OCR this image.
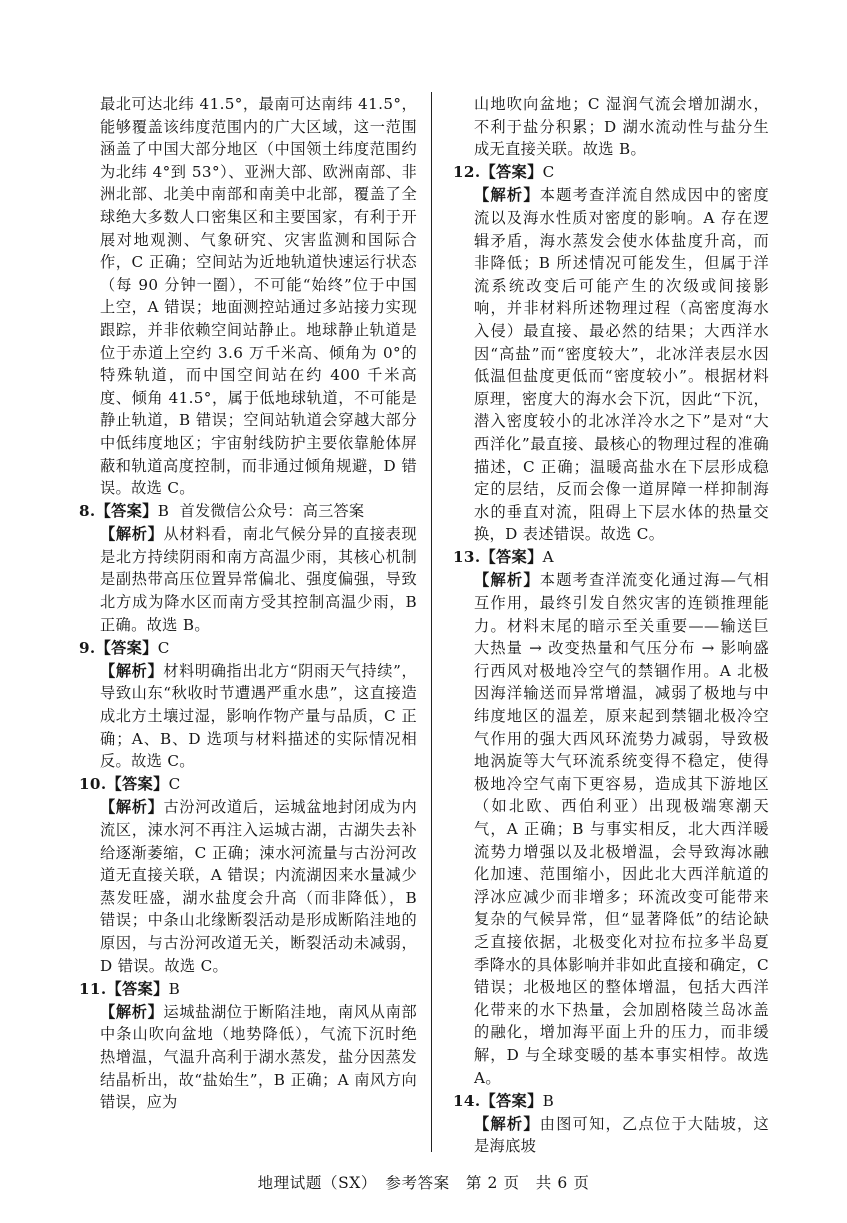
最北可达北纬 41.5°，最南可达南纬 41.5°，能够覆盖该纬度范围内的广大区域，这一范围涵盖了中国大部分地区（中国领土纬度范围约为北纬 4°到 53°）、亚洲大部、欧洲南部、非洲北部、北美中南部和南美中北部，覆盖了全球绝大多数人口密集区和主要国家，有利于开展对地观测、气象研究、灾害监测和国际合作，C 正确；空间站为近地轨道快速运行状态（每 90 分钟一圈），不可能“始终”位于中国上空，A 错误；地面测控站通过多站接力实现跟踪，并非依赖空间站静止。地球静止轨道是位于赤道上空约 3.6 万千米高、倾角为 0°的特殊轨道，而中国空间站在约 400 千米高度、倾角 41.5°，属于低地球轨道，不可能是静止轨道，B 错误；空间站轨道会穿越大部分中低纬度地区；宇宙射线防护主要依靠舱体屏蔽和轨道高度控制，而非通过倾角规避，D 错误。故选 C。
8.【答案】B 首发微信公众号：高三答案
【解析】从材料看，南北气候分异的直接表现是北方持续阴雨和南方高温少雨，其核心机制是副热带高压位置异常偏北、强度偏强，导致北方成为降水区而南方受其控制高温少雨，B 正确。故选 B。
9.【答案】C
【解析】材料明确指出北方“阴雨天气持续”，导致山东“秋收时节遭遇严重水患”，这直接造成北方土壤过湿，影响作物产量与品质，C 正确；A、B、D 选项与材料描述的实际情况相反。故选 C。
10.【答案】C
【解析】古汾河改道后，运城盆地封闭成为内流区，涑水河不再注入运城古湖，古湖失去补给逐渐萎缩，C 正确；涑水河流量与古汾河改道无直接关联，A 错误；内流湖因来水量减少蒸发旺盛，湖水盐度会升高（而非降低），B 错误；中条山北缘断裂活动是形成断陷洼地的原因，与古汾河改道无关，断裂活动未减弱，D 错误。故选 C。
11.【答案】B
【解析】运城盐湖位于断陷洼地，南风从南部中条山吹向盆地（地势降低），气流下沉时绝热增温，气温升高利于湖水蒸发，盐分因蒸发结晶析出，故“盐始生”，B 正确；A 南风方向错误，应为
山地吹向盆地；C 湿润气流会增加湖水，不利于盐分积累；D 湖水流动性与盐分生成无直接关联。故选 B。
12.【答案】C
【解析】本题考查洋流自然成因中的密度流以及海水性质对密度的影响。A 存在逻辑矛盾，海水蒸发会使水体盐度升高，而非降低；B 所述情况可能发生，但属于洋流系统改变后可能产生的次级或间接影响，并非材料所述物理过程（高密度海水入侵）最直接、最必然的结果；大西洋水因“高盐”而“密度较大”，北冰洋表层水因低温但盐度更低而“密度较小”。根据材料原理，密度大的海水会下沉，因此“下沉，潜入密度较小的北冰洋冷水之下”是对“大西洋化”最直接、最核心的物理过程的准确描述，C 正确；温暖高盐水在下层形成稳定的层结，反而会像一道屏障一样抑制海水的垂直对流，阻碍上下层水体的热量交换，D 表述错误。故选 C。
13.【答案】A
【解析】本题考查洋流变化通过海—气相互作用，最终引发自然灾害的连锁推理能力。材料末尾的暗示至关重要——输送巨大热量 → 改变热量和气压分布 → 影响盛行西风对极地冷空气的禁锢作用。A 北极因海洋输送而异常增温，减弱了极地与中纬度地区的温差，原来起到禁锢北极冷空气作用的强大西风环流势力减弱，导致极地涡旋等大气环流系统变得不稳定，使得极地冷空气南下更容易，造成其下游地区（如北欧、西伯利亚）出现极端寒潮天气，A 正确；B 与事实相反，北大西洋暖流势力增强以及北极增温，会导致海冰融化加速、范围缩小，因此北大西洋航道的浮冰应减少而非增多；环流改变可能带来复杂的气候异常，但“显著降低”的结论缺乏直接依据，北极变化对拉布拉多半岛夏季降水的具体影响并非如此直接和确定，C 错误；北极地区的整体增温，包括大西洋化带来的水下热量，会加剧格陵兰岛冰盖的融化，增加海平面上升的压力，而非缓解，D 与全球变暖的基本事实相悖。故选 A。
14.【答案】B
【解析】由图可知，乙点位于大陆坡，这是海底坡
地理试题（SX）　参考答案　第 2 页　共 6 页
